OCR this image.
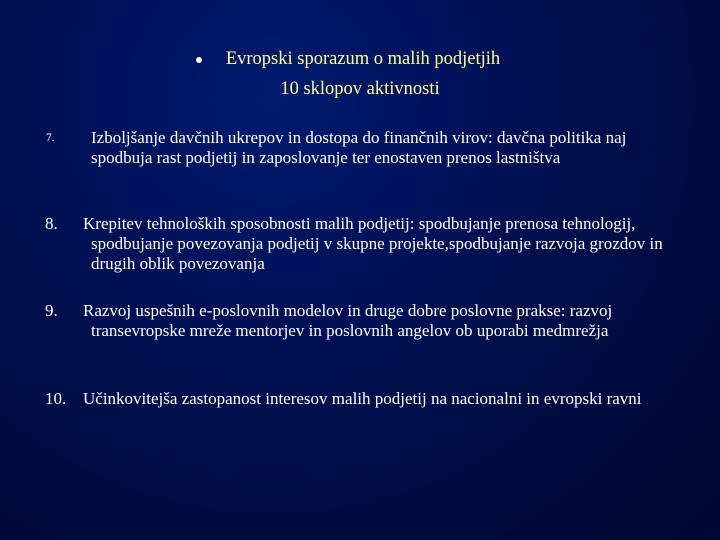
Evropski sporazum o malih podjetjih
10 sklopov aktivnosti
7. Izboljšanje davčnih ukrepov in dostopa do finančnih virov: davčna politika naj spodbuja rast podjetij in zaposlovanje ter enostaven prenos lastništva
8. Krepitev tehnoloških sposobnosti malih podjetij: spodbujanje prenosa tehnologij, spodbujanje povezovanja podjetij v skupne projekte,spodbujanje razvoja grozdov in drugih oblik povezovanja
9. Razvoj uspešnih e-poslovnih modelov in druge dobre poslovne prakse: razvoj transevropske mreže mentorjev in poslovnih angelov ob uporabi medmrežja
10. Učinkovitejša zastopanost interesov malih podjetij na nacionalni in evropski ravni
